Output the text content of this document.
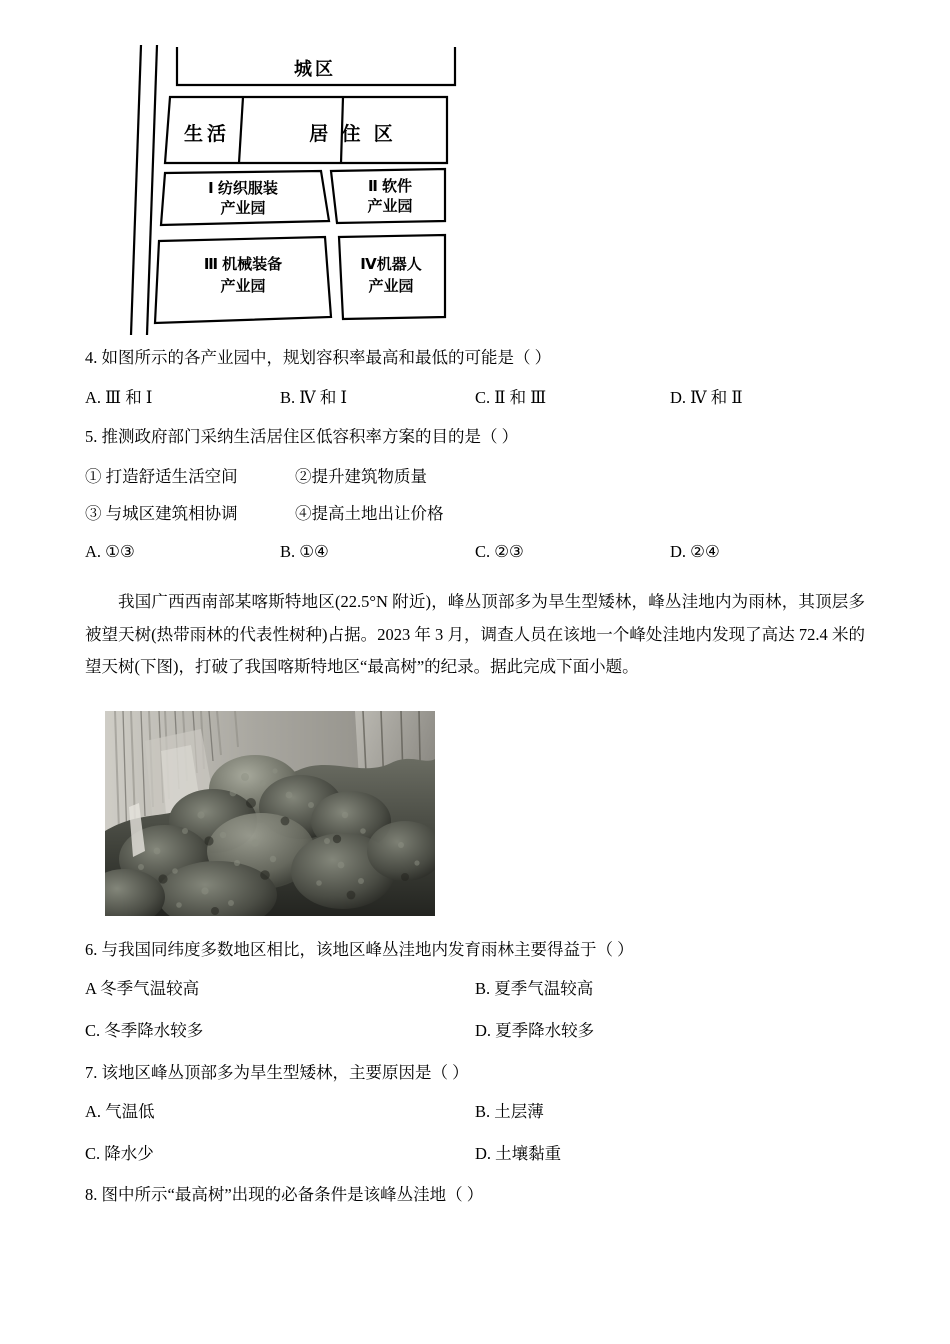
城区
生活	居 住 区
Ⅰ 纺织服装
产业园
Ⅱ 软件
产业园
Ⅲ 机械装备
产业园
Ⅳ机器人
产业园

4. 如图所示的各产业园中，规划容积率最高和最低的可能是（ ）

A. Ⅲ 和 Ⅰ	B. Ⅳ 和 Ⅰ	C. Ⅱ 和 Ⅲ	D. Ⅳ 和 Ⅱ

5. 推测政府部门采纳生活居住区低容积率方案的目的是（ ）

① 打造舒适生活空间	②提升建筑物质量
③ 与城区建筑相协调	④提高土地出让价格
A. ①③	B. ①④	C. ②③	D. ②④

我国广西西南部某喀斯特地区(22.5°N 附近)，峰丛顶部多为旱生型矮林，峰丛洼地内为雨林，其顶层多被望天树(热带雨林的代表性树种)占据。2023 年 3 月，调查人员在该地一个峰处洼地内发现了高达 72.4 米的望天树(下图)，打破了我国喀斯特地区“最高树”的纪录。据此完成下面小题。

6. 与我国同纬度多数地区相比，该地区峰丛洼地内发育雨林主要得益于（ ）

A 冬季气温较高	B. 夏季气温较高
C. 冬季降水较多	D. 夏季降水较多

7. 该地区峰丛顶部多为旱生型矮林，主要原因是（ ）

A. 气温低	B. 土层薄
C. 降水少	D. 土壤黏重

8. 图中所示“最高树”出现的必备条件是该峰丛洼地（ ）
